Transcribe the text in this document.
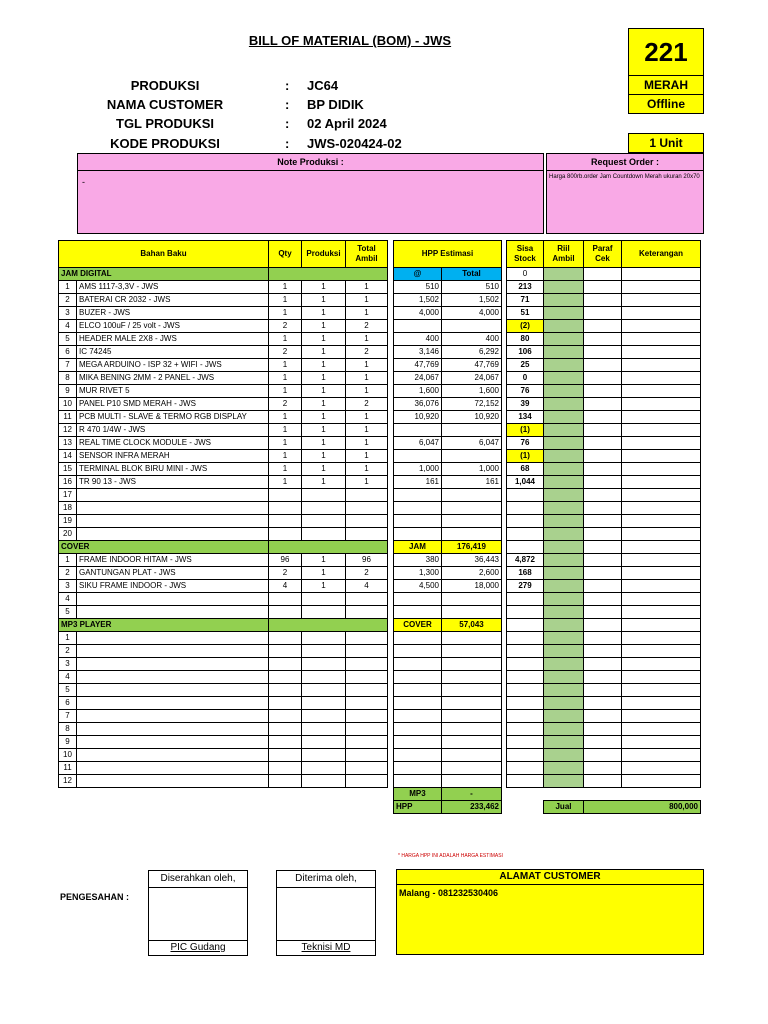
BILL OF MATERIAL (BOM) - JWS	221
MERAH
Offline
1 Unit
PRODUKSI	: JC64
NAMA CUSTOMER	: BP DIDIK
TGL PRODUKSI	: 02 April 2024
KODE PRODUKSI	: JWS-020424-02
Note Produksi :
-
Request Order :
Harga 800rb.order Jam Countdown Merah ukuran 20x70
Bahan Baku		Qty	Produksi	Total Ambil		HPP Estimasi			Sisa Stock	Riil Ambil	Paraf Cek	Keterangan
JAM DIGITAL						@	Total		0			
1	AMS 1117-3,3V - JWS	1	1	1		510	510		213			
2	BATERAI CR 2032 - JWS	1	1	1		1,502	1,502		71			
3	BUZER - JWS	1	1	1		4,000	4,000		51			
4	ELCO 100uF / 25 volt - JWS	2	1	2					(2)			
5	HEADER MALE 2X8 - JWS	1	1	1		400	400		80			
6	IC 74245	2	1	2		3,146	6,292		106			
7	MEGA ARDUINO - ISP 32 + WIFI - JWS	1	1	1		47,769	47,769		25			
8	MIKA BENING 2MM - 2 PANEL - JWS	1	1	1		24,067	24,067		0			
9	MUR RIVET 5	1	1	1		1,600	1,600		76			
10	PANEL P10 SMD MERAH - JWS	2	1	2		36,076	72,152		39			
11	PCB MULTI - SLAVE & TERMO RGB DISPLAY	1	1	1		10,920	10,920		134			
12	R 470 1/4W - JWS	1	1	1					(1)			
13	REAL TIME CLOCK MODULE - JWS	1	1	1		6,047	6,047		76			
14	SENSOR INFRA MERAH	1	1	1					(1)			
15	TERMINAL BLOK BIRU MINI - JWS	1	1	1		1,000	1,000		68			
16	TR 90 13 - JWS	1	1	1		161	161		1,044			
17												
18												
19												
20												
COVER						JAM	176,419					
1	FRAME INDOOR HITAM - JWS	96	1	96		380	36,443		4,872			
2	GANTUNGAN PLAT - JWS	2	1	2		1,300	2,600		168			
3	SIKU FRAME INDOOR - JWS	4	1	4		4,500	18,000		279			
4												
5												
MP3 PLAYER						COVER	57,043					
1												
2												
3												
4												
5												
6												
7												
8												
9												
10												
11												
12												
						MP3	-					
						HPP	233,462			Jual	800,000	
* HARGA HPP INI ADALAH HARGA ESTIMASI
PENGESAHAN :
Diserahkan oleh,
PIC Gudang
Diterima oleh,
Teknisi MD
ALAMAT CUSTOMER
Malang - 081232530406
